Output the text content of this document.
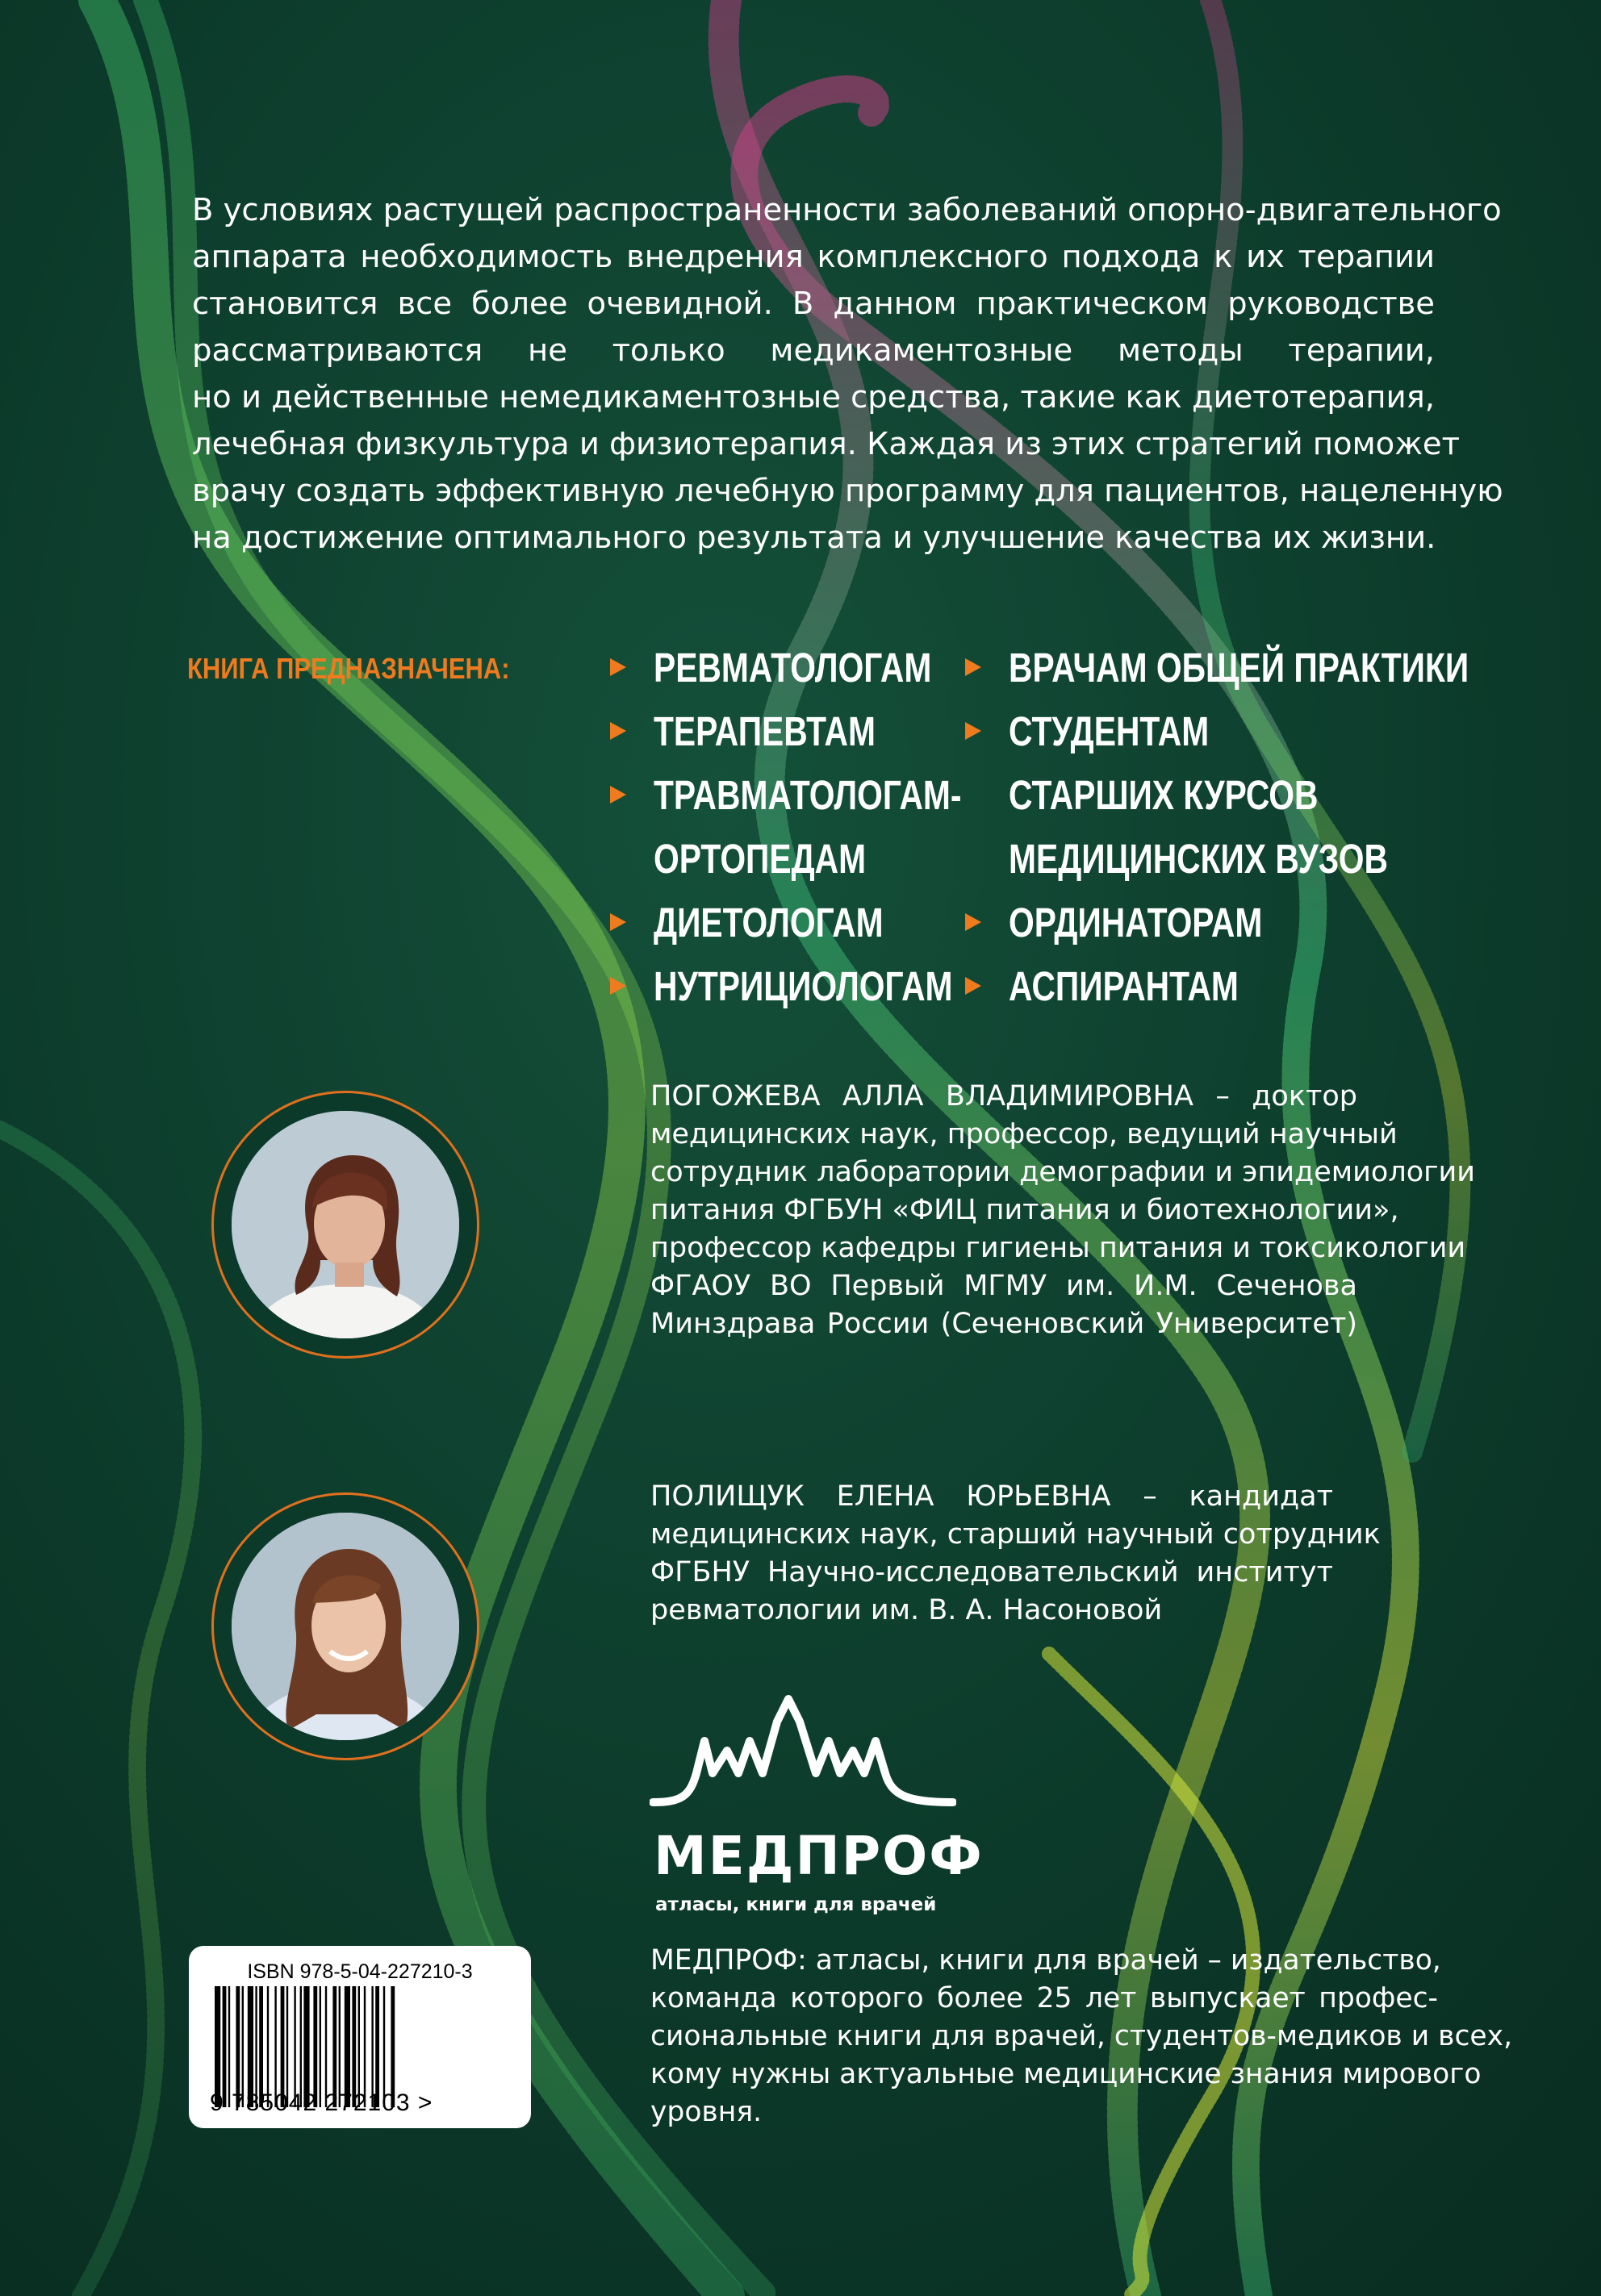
В условиях растущей распространенности заболеваний опорно-двигательного
аппарата необходимость внедрения комплексного подхода к их терапии
становится все более очевидной. В данном практическом руководстве
рассматриваются не только медикаментозные методы терапии,
но и действенные немедикаментозные средства, такие как диетотерапия,
лечебная физкультура и физиотерапия. Каждая из этих стратегий поможет
врачу создать эффективную лечебную программу для пациентов, нацеленную
на достижение оптимального результата и улучшение качества их жизни.
КНИГА ПРЕДНАЗНАЧЕНА:	РЕВМАТОЛОГАМ
ТЕРАПЕВТАМ
ТРАВМАТОЛОГАМ-
ОРТОПЕДАМ
ДИЕТОЛОГАМ
НУТРИЦИОЛОГАМ
ВРАЧАМ ОБЩЕЙ ПРАКТИКИ
СТУДЕНТАМ
СТАРШИХ КУРСОВ
МЕДИЦИНСКИХ ВУЗОВ
ОРДИНАТОРАМ
АСПИРАНТАМ
ПОГОЖЕВА АЛЛА ВЛАДИМИРОВНА – доктор
медицинских наук, профессор, ведущий научный
сотрудник лаборатории демографии и эпидемиологии
питания ФГБУН «ФИЦ питания и биотехнологии»,
профессор кафедры гигиены питания и токсикологии
ФГАОУ ВО Первый МГМУ им. И.М. Сеченова
Минздрава России (Сеченовский Университет)
ПОЛИЩУК ЕЛЕНА ЮРЬЕВНА – кандидат
медицинских наук, старший научный сотрудник
ФГБНУ Научно-исследовательский институт
ревматологии им. В. А. Насоновой
МЕДПРОФ
атласы, книги для врачей
ISBN 978-5-04-227210-3
9 785042 272103 >
МЕДПРОФ: атласы, книги для врачей – издательство,
команда которого более 25 лет выпускает профес-
сиональные книги для врачей, студентов-медиков и всех,
кому нужны актуальные медицинские знания мирового
уровня.
